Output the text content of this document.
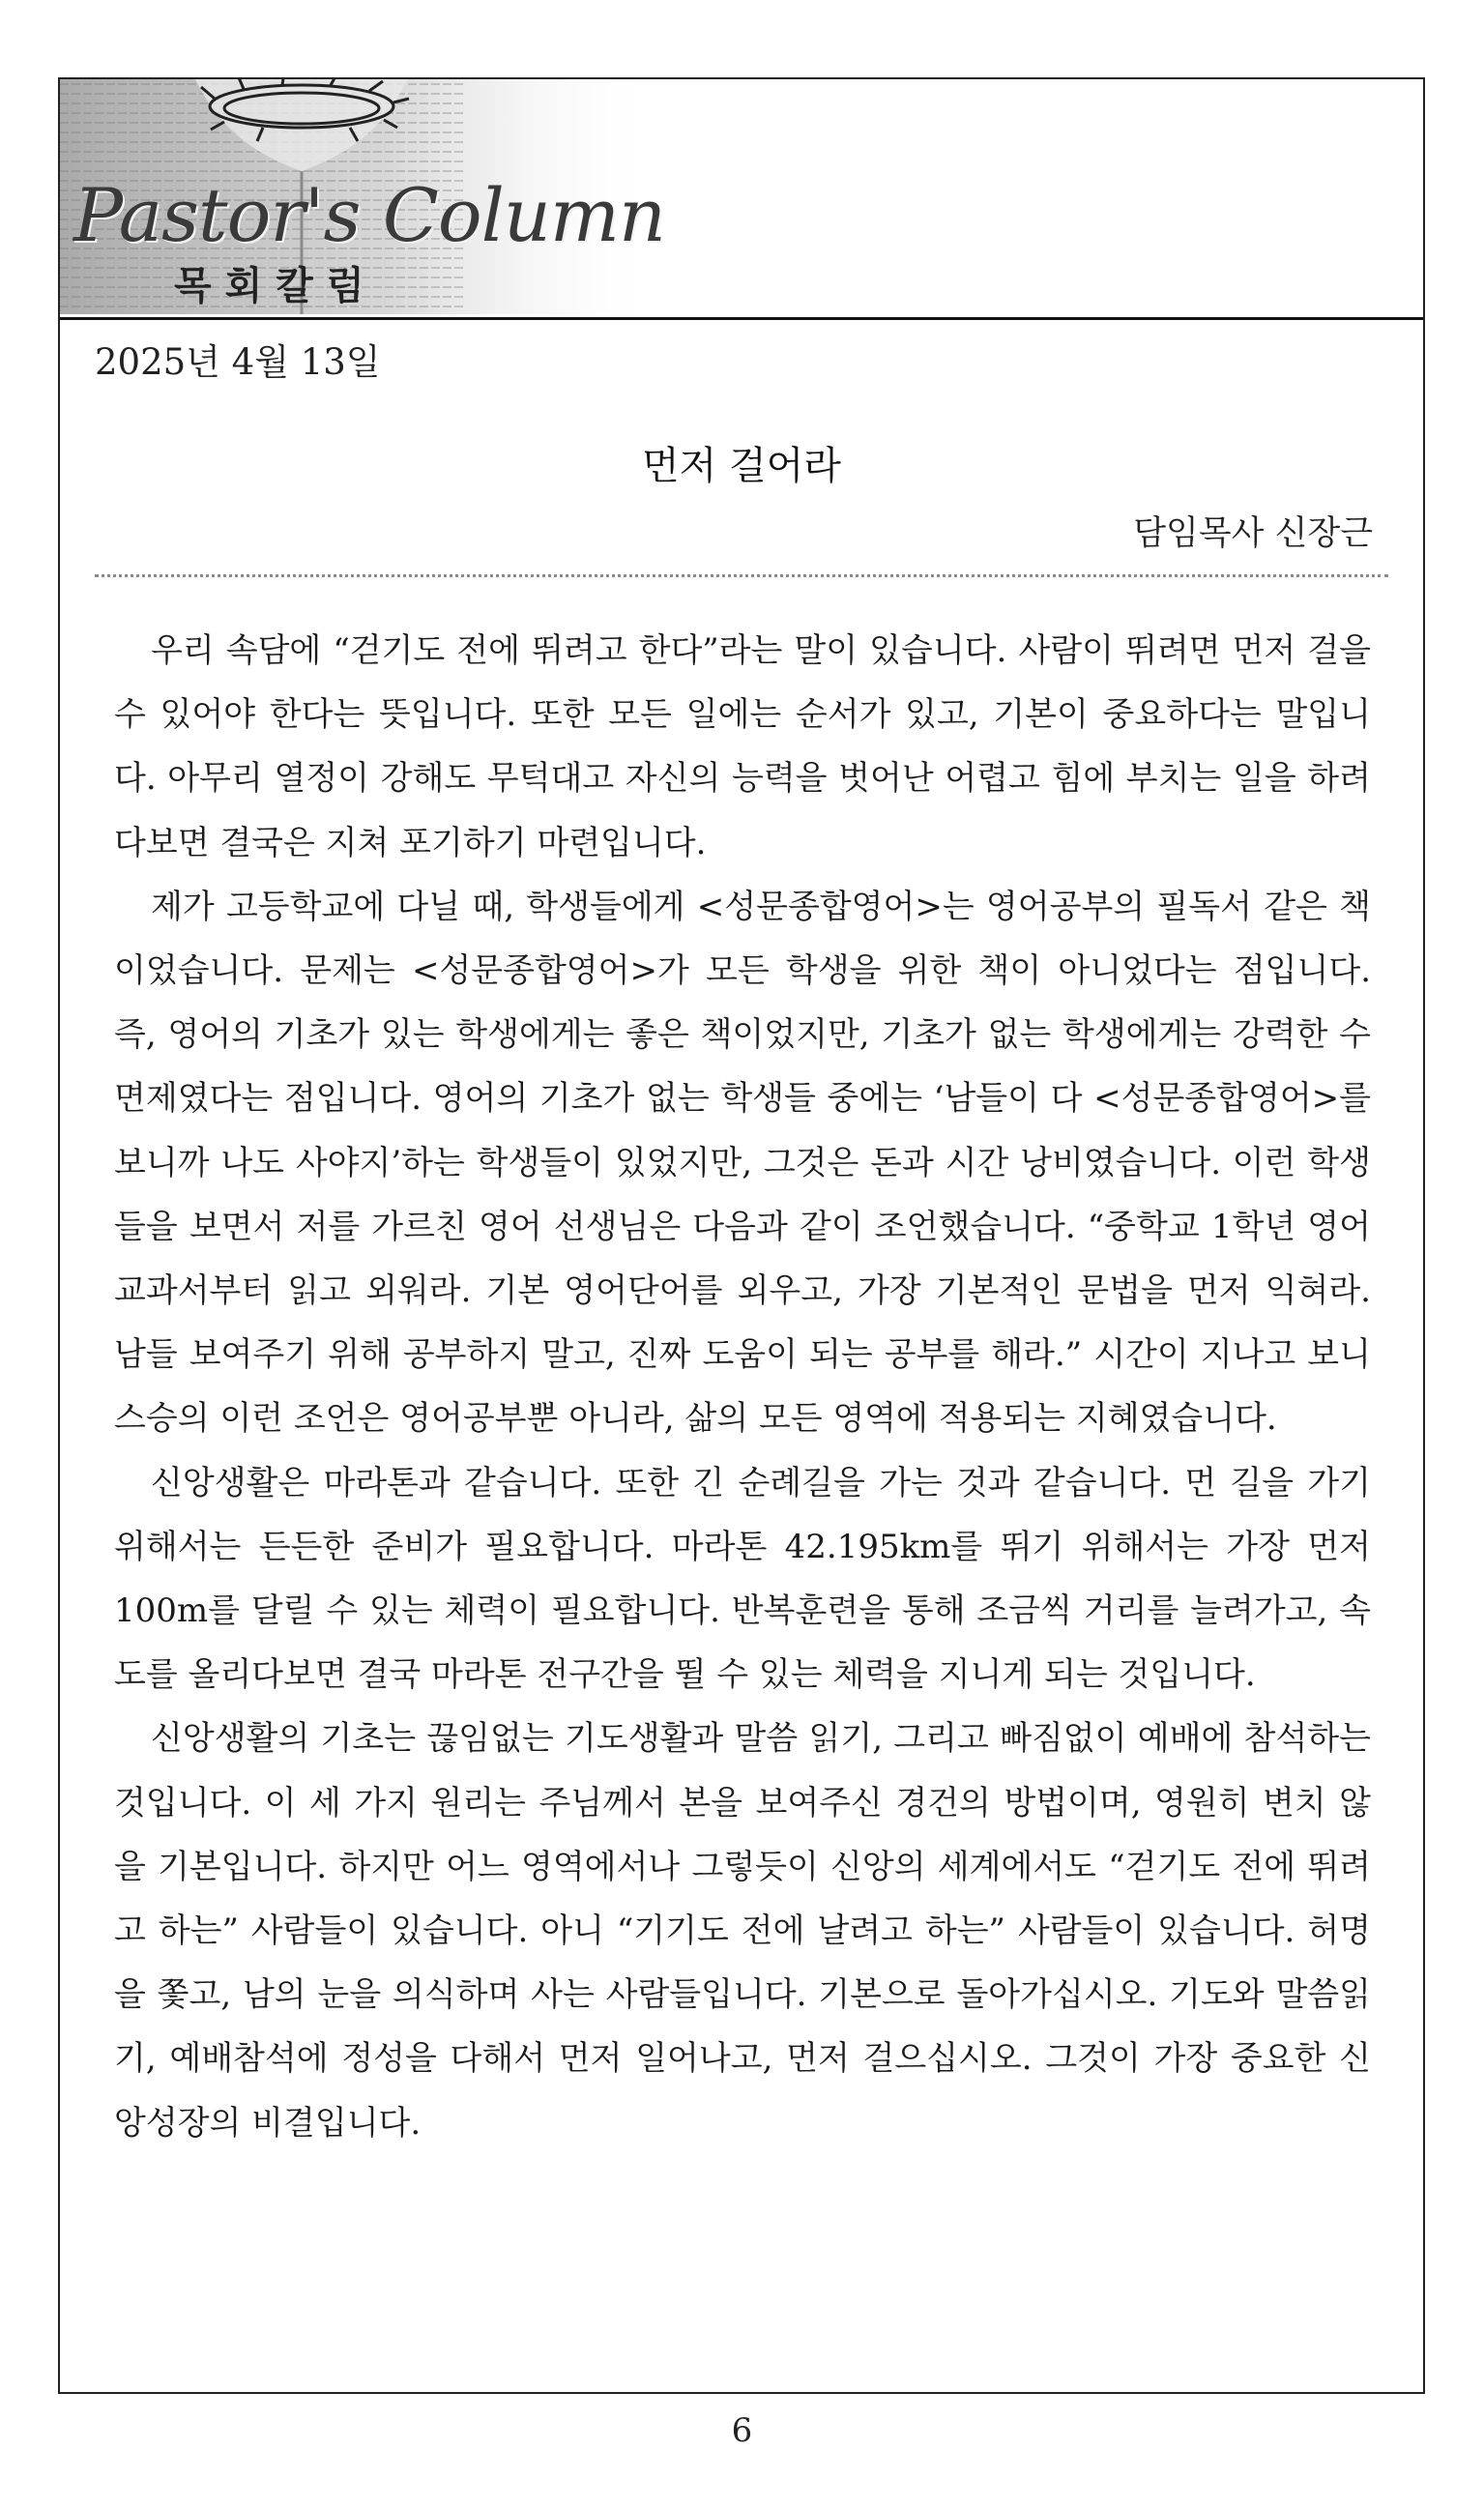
Pastor's Column
목회칼럼
2025년 4월 13일
먼저 걸어라
담임목사 신장근

우리 속담에 “걷기도 전에 뛰려고 한다”라는 말이 있습니다. 사람이 뛰려면 먼저 걸을 수 있어야 한다는 뜻입니다. 또한 모든 일에는 순서가 있고, 기본이 중요하다는 말입니다. 아무리 열정이 강해도 무턱대고 자신의 능력을 벗어난 어렵고 힘에 부치는 일을 하려다보면 결국은 지쳐 포기하기 마련입니다.

제가 고등학교에 다닐 때, 학생들에게 <성문종합영어>는 영어공부의 필독서 같은 책이었습니다. 문제는 <성문종합영어>가 모든 학생을 위한 책이 아니었다는 점입니다. 즉, 영어의 기초가 있는 학생에게는 좋은 책이었지만, 기초가 없는 학생에게는 강력한 수면제였다는 점입니다. 영어의 기초가 없는 학생들 중에는 ‘남들이 다 <성문종합영어>를 보니까 나도 사야지’하는 학생들이 있었지만, 그것은 돈과 시간 낭비였습니다. 이런 학생들을 보면서 저를 가르친 영어 선생님은 다음과 같이 조언했습니다. “중학교 1학년 영어교과서부터 읽고 외워라. 기본 영어단어를 외우고, 가장 기본적인 문법을 먼저 익혀라. 남들 보여주기 위해 공부하지 말고, 진짜 도움이 되는 공부를 해라.” 시간이 지나고 보니 스승의 이런 조언은 영어공부뿐 아니라, 삶의 모든 영역에 적용되는 지혜였습니다.

신앙생활은 마라톤과 같습니다. 또한 긴 순례길을 가는 것과 같습니다. 먼 길을 가기 위해서는 든든한 준비가 필요합니다. 마라톤 42.195km를 뛰기 위해서는 가장 먼저 100m를 달릴 수 있는 체력이 필요합니다. 반복훈련을 통해 조금씩 거리를 늘려가고, 속도를 올리다보면 결국 마라톤 전구간을 뛸 수 있는 체력을 지니게 되는 것입니다.

신앙생활의 기초는 끊임없는 기도생활과 말씀 읽기, 그리고 빠짐없이 예배에 참석하는 것입니다. 이 세 가지 원리는 주님께서 본을 보여주신 경건의 방법이며, 영원히 변치 않을 기본입니다. 하지만 어느 영역에서나 그렇듯이 신앙의 세계에서도 “걷기도 전에 뛰려고 하는” 사람들이 있습니다. 아니 “기기도 전에 날려고 하는” 사람들이 있습니다. 허명을 쫓고, 남의 눈을 의식하며 사는 사람들입니다. 기본으로 돌아가십시오. 기도와 말씀읽기, 예배참석에 정성을 다해서 먼저 일어나고, 먼저 걸으십시오. 그것이 가장 중요한 신앙성장의 비결입니다.

6
